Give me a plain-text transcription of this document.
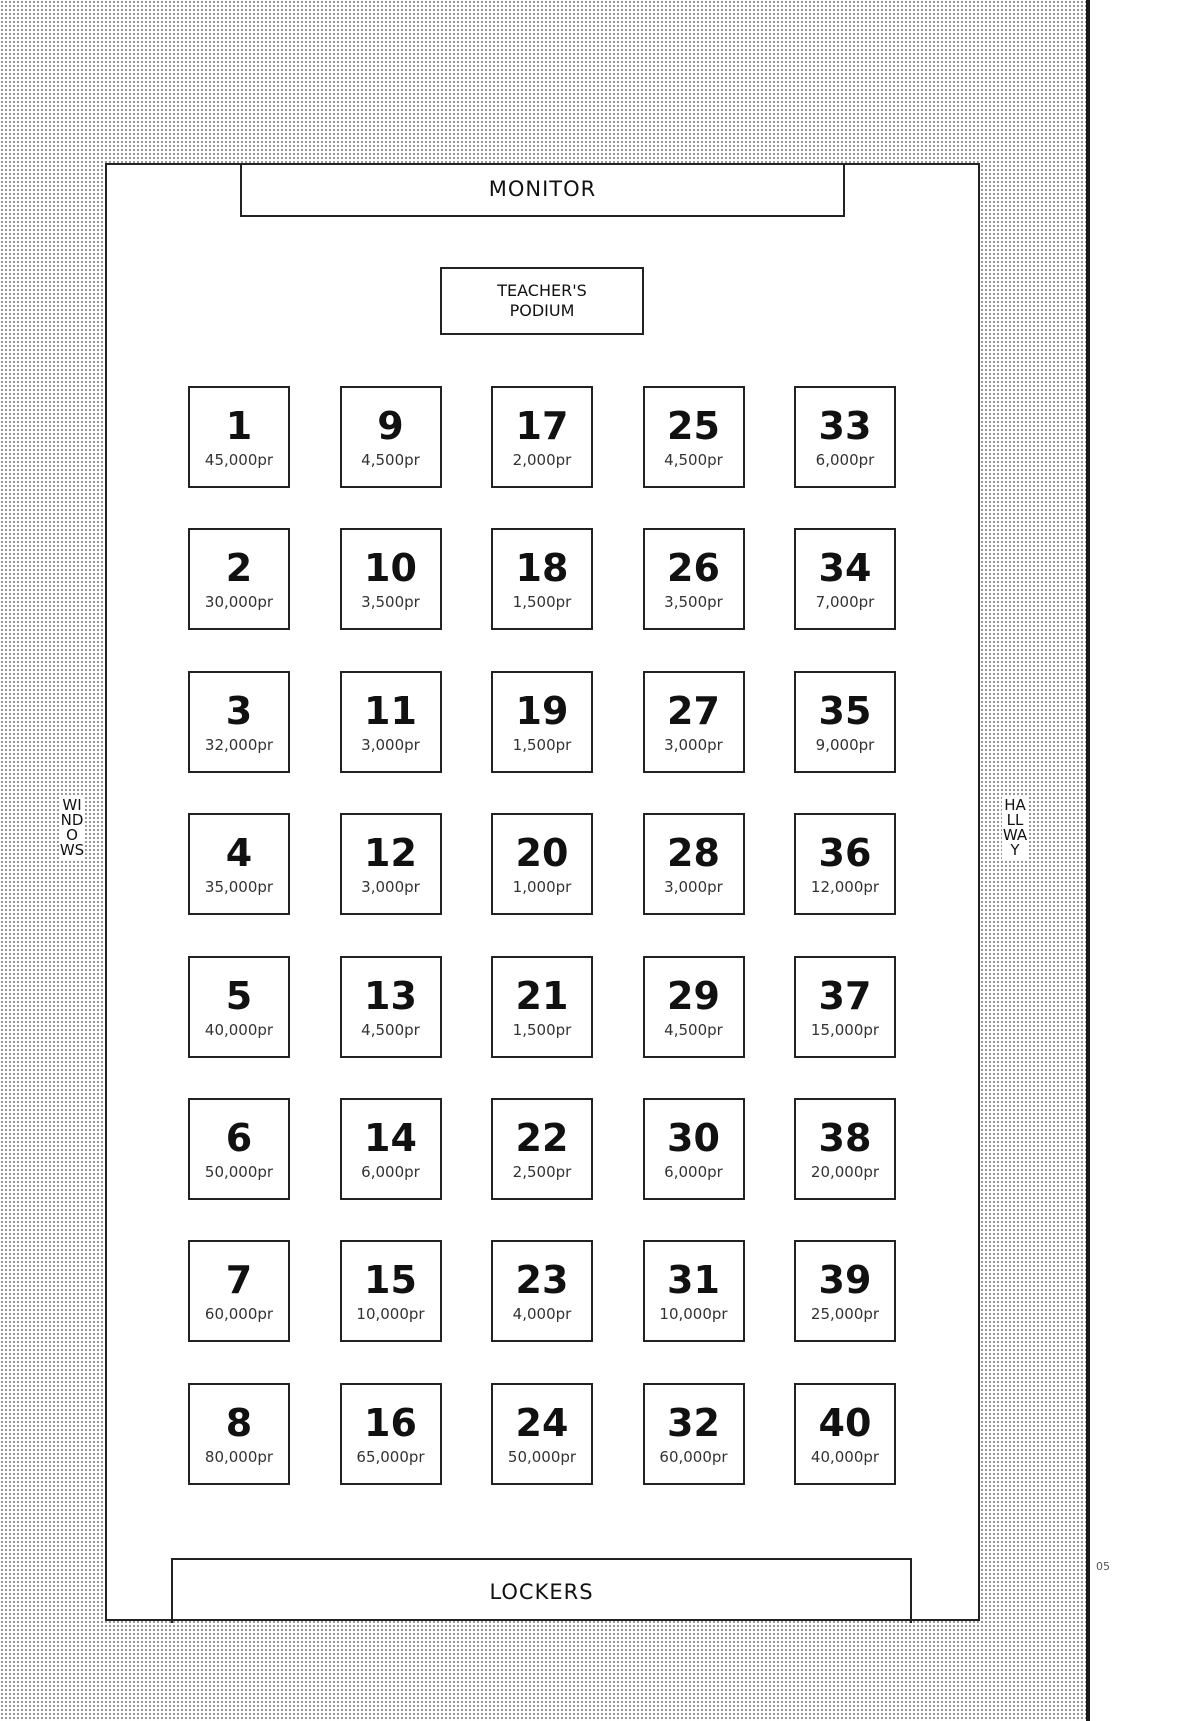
05
WINDOWS
HALLWAY
MONITOR
TEACHER'S
PODIUM
1
45,000pr
2
30,000pr
3
32,000pr
4
35,000pr
5
40,000pr
6
50,000pr
7
60,000pr
8
80,000pr
9
4,500pr
10
3,500pr
11
3,000pr
12
3,000pr
13
4,500pr
14
6,000pr
15
10,000pr
16
65,000pr
17
2,000pr
18
1,500pr
19
1,500pr
20
1,000pr
21
1,500pr
22
2,500pr
23
4,000pr
24
50,000pr
25
4,500pr
26
3,500pr
27
3,000pr
28
3,000pr
29
4,500pr
30
6,000pr
31
10,000pr
32
60,000pr
33
6,000pr
34
7,000pr
35
9,000pr
36
12,000pr
37
15,000pr
38
20,000pr
39
25,000pr
40
40,000pr
LOCKERS
